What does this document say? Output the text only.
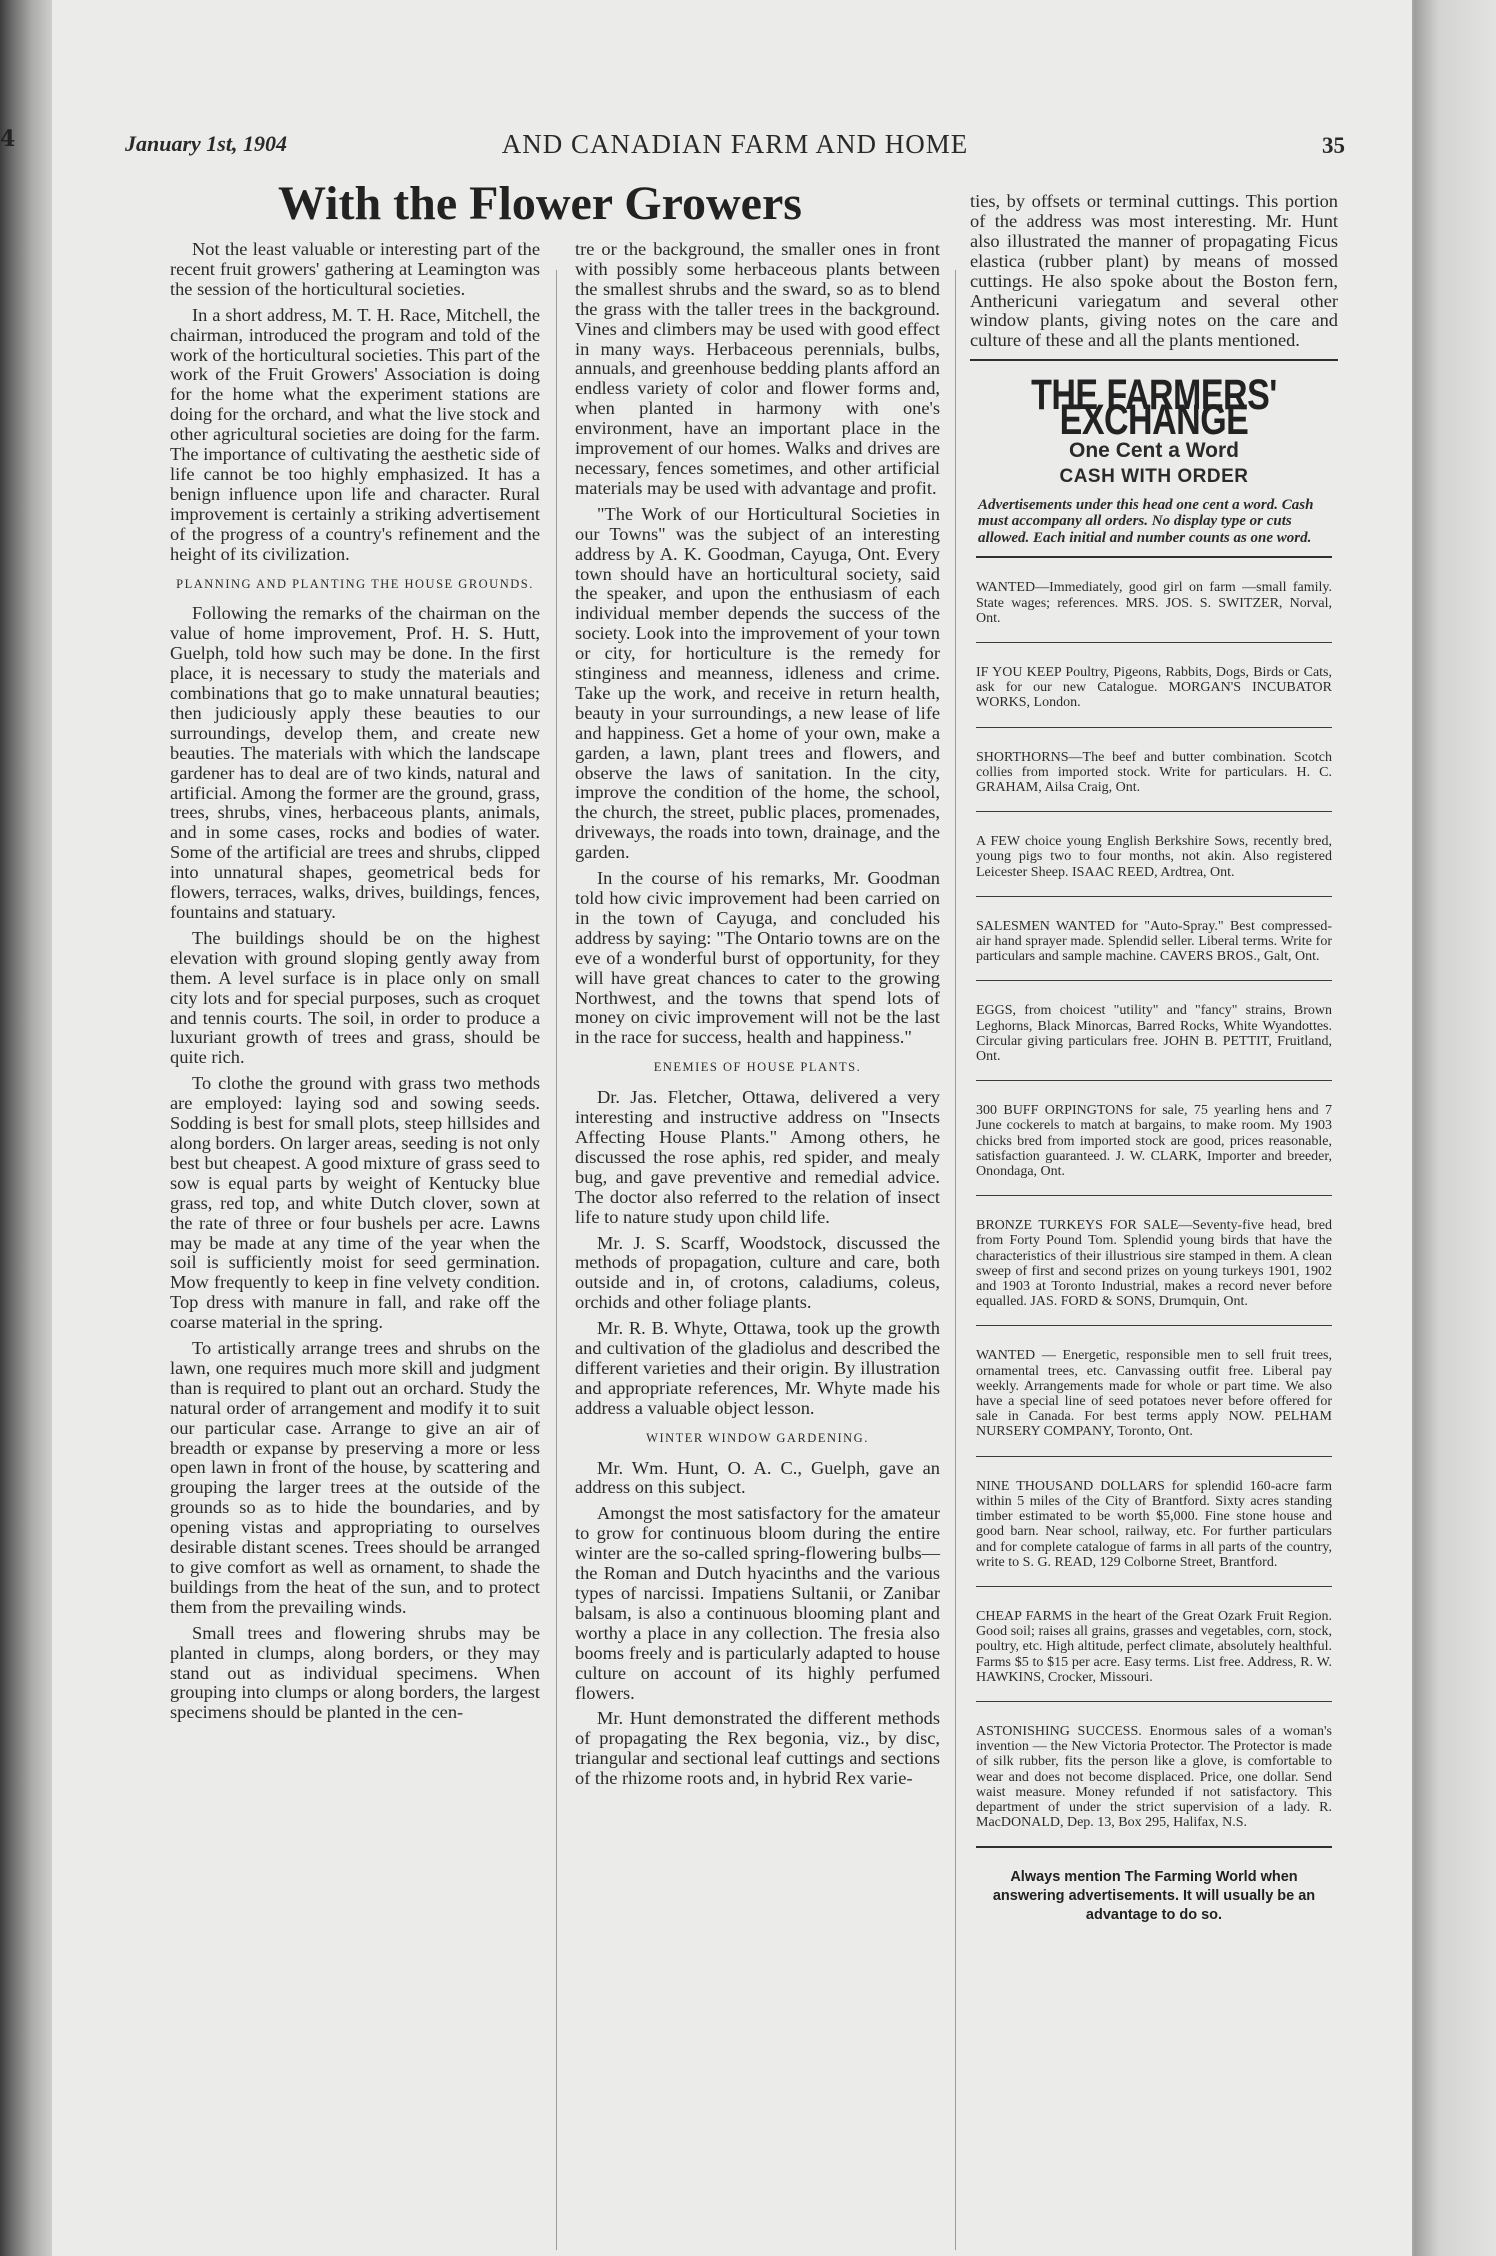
4	January 1st, 1904	AND CANADIAN FARM AND HOME	35
With the Flower Growers

Not the least valuable or interesting part of the recent fruit growers' gathering at Leamington was the session of the horticultural societies.

In a short address, M. T. H. Race, Mitchell, the chairman, introduced the program and told of the work of the horticultural societies. This part of the work of the Fruit Growers' Association is doing for the home what the experiment stations are doing for the orchard, and what the live stock and other agricultural societies are doing for the farm. The importance of cultivating the aesthetic side of life cannot be too highly emphasized. It has a benign influence upon life and character. Rural improvement is certainly a striking advertisement of the progress of a country's refinement and the height of its civilization.

PLANNING AND PLANTING THE HOUSE GROUNDS.

Following the remarks of the chairman on the value of home improvement, Prof. H. S. Hutt, Guelph, told how such may be done. In the first place, it is necessary to study the materials and combinations that go to make unnatural beauties; then judiciously apply these beauties to our surroundings, develop them, and create new beauties. The materials with which the landscape gardener has to deal are of two kinds, natural and artificial. Among the former are the ground, grass, trees, shrubs, vines, herbaceous plants, animals, and in some cases, rocks and bodies of water. Some of the artificial are trees and shrubs, clipped into unnatural shapes, geometrical beds for flowers, terraces, walks, drives, buildings, fences, fountains and statuary.

The buildings should be on the highest elevation with ground sloping gently away from them. A level surface is in place only on small city lots and for special purposes, such as croquet and tennis courts. The soil, in order to produce a luxuriant growth of trees and grass, should be quite rich.

To clothe the ground with grass two methods are employed: laying sod and sowing seeds. Sodding is best for small plots, steep hillsides and along borders. On larger areas, seeding is not only best but cheapest. A good mixture of grass seed to sow is equal parts by weight of Kentucky blue grass, red top, and white Dutch clover, sown at the rate of three or four bushels per acre. Lawns may be made at any time of the year when the soil is sufficiently moist for seed germination. Mow frequently to keep in fine velvety condition. Top dress with manure in fall, and rake off the coarse material in the spring.

To artistically arrange trees and shrubs on the lawn, one requires much more skill and judgment than is required to plant out an orchard. Study the natural order of arrangement and modify it to suit our particular case. Arrange to give an air of breadth or expanse by preserving a more or less open lawn in front of the house, by scattering and grouping the larger trees at the outside of the grounds so as to hide the boundaries, and by opening vistas and appropriating to ourselves desirable distant scenes. Trees should be arranged to give comfort as well as ornament, to shade the buildings from the heat of the sun, and to protect them from the prevailing winds.

Small trees and flowering shrubs may be planted in clumps, along borders, or they may stand out as individual specimens. When grouping into clumps or along borders, the largest specimens should be planted in the cen-

tre or the background, the smaller ones in front with possibly some herbaceous plants between the smallest shrubs and the sward, so as to blend the grass with the taller trees in the background. Vines and climbers may be used with good effect in many ways. Herbaceous perennials, bulbs, annuals, and greenhouse bedding plants afford an endless variety of color and flower forms and, when planted in harmony with one's environment, have an important place in the improvement of our homes. Walks and drives are necessary, fences sometimes, and other artificial materials may be used with advantage and profit.

"The Work of our Horticultural Societies in our Towns" was the subject of an interesting address by A. K. Goodman, Cayuga, Ont. Every town should have an horticultural society, said the speaker, and upon the enthusiasm of each individual member depends the success of the society. Look into the improvement of your town or city, for horticulture is the remedy for stinginess and meanness, idleness and crime. Take up the work, and receive in return health, beauty in your surroundings, a new lease of life and happiness. Get a home of your own, make a garden, a lawn, plant trees and flowers, and observe the laws of sanitation. In the city, improve the condition of the home, the school, the church, the street, public places, promenades, driveways, the roads into town, drainage, and the garden.

In the course of his remarks, Mr. Goodman told how civic improvement had been carried on in the town of Cayuga, and concluded his address by saying: "The Ontario towns are on the eve of a wonderful burst of opportunity, for they will have great chances to cater to the growing Northwest, and the towns that spend lots of money on civic improvement will not be the last in the race for success, health and happiness."

ENEMIES OF HOUSE PLANTS.

Dr. Jas. Fletcher, Ottawa, delivered a very interesting and instructive address on "Insects Affecting House Plants." Among others, he discussed the rose aphis, red spider, and mealy bug, and gave preventive and remedial advice. The doctor also referred to the relation of insect life to nature study upon child life.

Mr. J. S. Scarff, Woodstock, discussed the methods of propagation, culture and care, both outside and in, of crotons, caladiums, coleus, orchids and other foliage plants.

Mr. R. B. Whyte, Ottawa, took up the growth and cultivation of the gladiolus and described the different varieties and their origin. By illustration and appropriate references, Mr. Whyte made his address a valuable object lesson.

WINTER WINDOW GARDENING.

Mr. Wm. Hunt, O. A. C., Guelph, gave an address on this subject.

Amongst the most satisfactory for the amateur to grow for continuous bloom during the entire winter are the so-called spring-flowering bulbs—the Roman and Dutch hyacinths and the various types of narcissi. Impatiens Sultanii, or Zanibar balsam, is also a continuous blooming plant and worthy a place in any collection. The fresia also booms freely and is particularly adapted to house culture on account of its highly perfumed flowers.

Mr. Hunt demonstrated the different methods of propagating the Rex begonia, viz., by disc, triangular and sectional leaf cuttings and sections of the rhizome roots and, in hybrid Rex varie-

ties, by offsets or terminal cuttings. This portion of the address was most interesting. Mr. Hunt also illustrated the manner of propagating Ficus elastica (rubber plant) by means of mossed cuttings. He also spoke about the Boston fern, Anthericuni variegatum and several other window plants, giving notes on the care and culture of these and all the plants mentioned.

THE FARMERS' EXCHANGE
One Cent a Word
CASH WITH ORDER
Advertisements under this head one cent a word. Cash must accompany all orders. No display type or cuts allowed. Each initial and number counts as one word.
WANTED—Immediately, good girl on farm —small family. State wages; references. MRS. JOS. S. SWITZER, Norval, Ont.
IF YOU KEEP Poultry, Pigeons, Rabbits, Dogs, Birds or Cats, ask for our new Catalogue. MORGAN'S INCUBATOR WORKS, London.
SHORTHORNS—The beef and butter combination. Scotch collies from imported stock. Write for particulars. H. C. GRAHAM, Ailsa Craig, Ont.
A FEW choice young English Berkshire Sows, recently bred, young pigs two to four months, not akin. Also registered Leicester Sheep. ISAAC REED, Ardtrea, Ont.
SALESMEN WANTED for "Auto-Spray." Best compressed-air hand sprayer made. Splendid seller. Liberal terms. Write for particulars and sample machine. CAVERS BROS., Galt, Ont.
EGGS, from choicest "utility" and "fancy" strains, Brown Leghorns, Black Minorcas, Barred Rocks, White Wyandottes. Circular giving particulars free. JOHN B. PETTIT, Fruitland, Ont.
300 BUFF ORPINGTONS for sale, 75 yearling hens and 7 June cockerels to match at bargains, to make room. My 1903 chicks bred from imported stock are good, prices reasonable, satisfaction guaranteed. J. W. CLARK, Importer and breeder, Onondaga, Ont.
BRONZE TURKEYS FOR SALE—Seventy-five head, bred from Forty Pound Tom. Splendid young birds that have the characteristics of their illustrious sire stamped in them. A clean sweep of first and second prizes on young turkeys 1901, 1902 and 1903 at Toronto Industrial, makes a record never before equalled. JAS. FORD & SONS, Drumquin, Ont.
WANTED — Energetic, responsible men to sell fruit trees, ornamental trees, etc. Canvassing outfit free. Liberal pay weekly. Arrangements made for whole or part time. We also have a special line of seed potatoes never before offered for sale in Canada. For best terms apply NOW. PELHAM NURSERY COMPANY, Toronto, Ont.
NINE THOUSAND DOLLARS for splendid 160-acre farm within 5 miles of the City of Brantford. Sixty acres standing timber estimated to be worth $5,000. Fine stone house and good barn. Near school, railway, etc. For further particulars and for complete catalogue of farms in all parts of the country, write to S. G. READ, 129 Colborne Street, Brantford.
CHEAP FARMS in the heart of the Great Ozark Fruit Region. Good soil; raises all grains, grasses and vegetables, corn, stock, poultry, etc. High altitude, perfect climate, absolutely healthful. Farms $5 to $15 per acre. Easy terms. List free. Address, R. W. HAWKINS, Crocker, Missouri.
ASTONISHING SUCCESS. Enormous sales of a woman's invention — the New Victoria Protector. The Protector is made of silk rubber, fits the person like a glove, is comfortable to wear and does not become displaced. Price, one dollar. Send waist measure. Money refunded if not satisfactory. This department of under the strict supervision of a lady. R. MacDONALD, Dep. 13, Box 295, Halifax, N.S.
Always mention The Farming World when answering advertisements. It will usually be an advantage to do so.
